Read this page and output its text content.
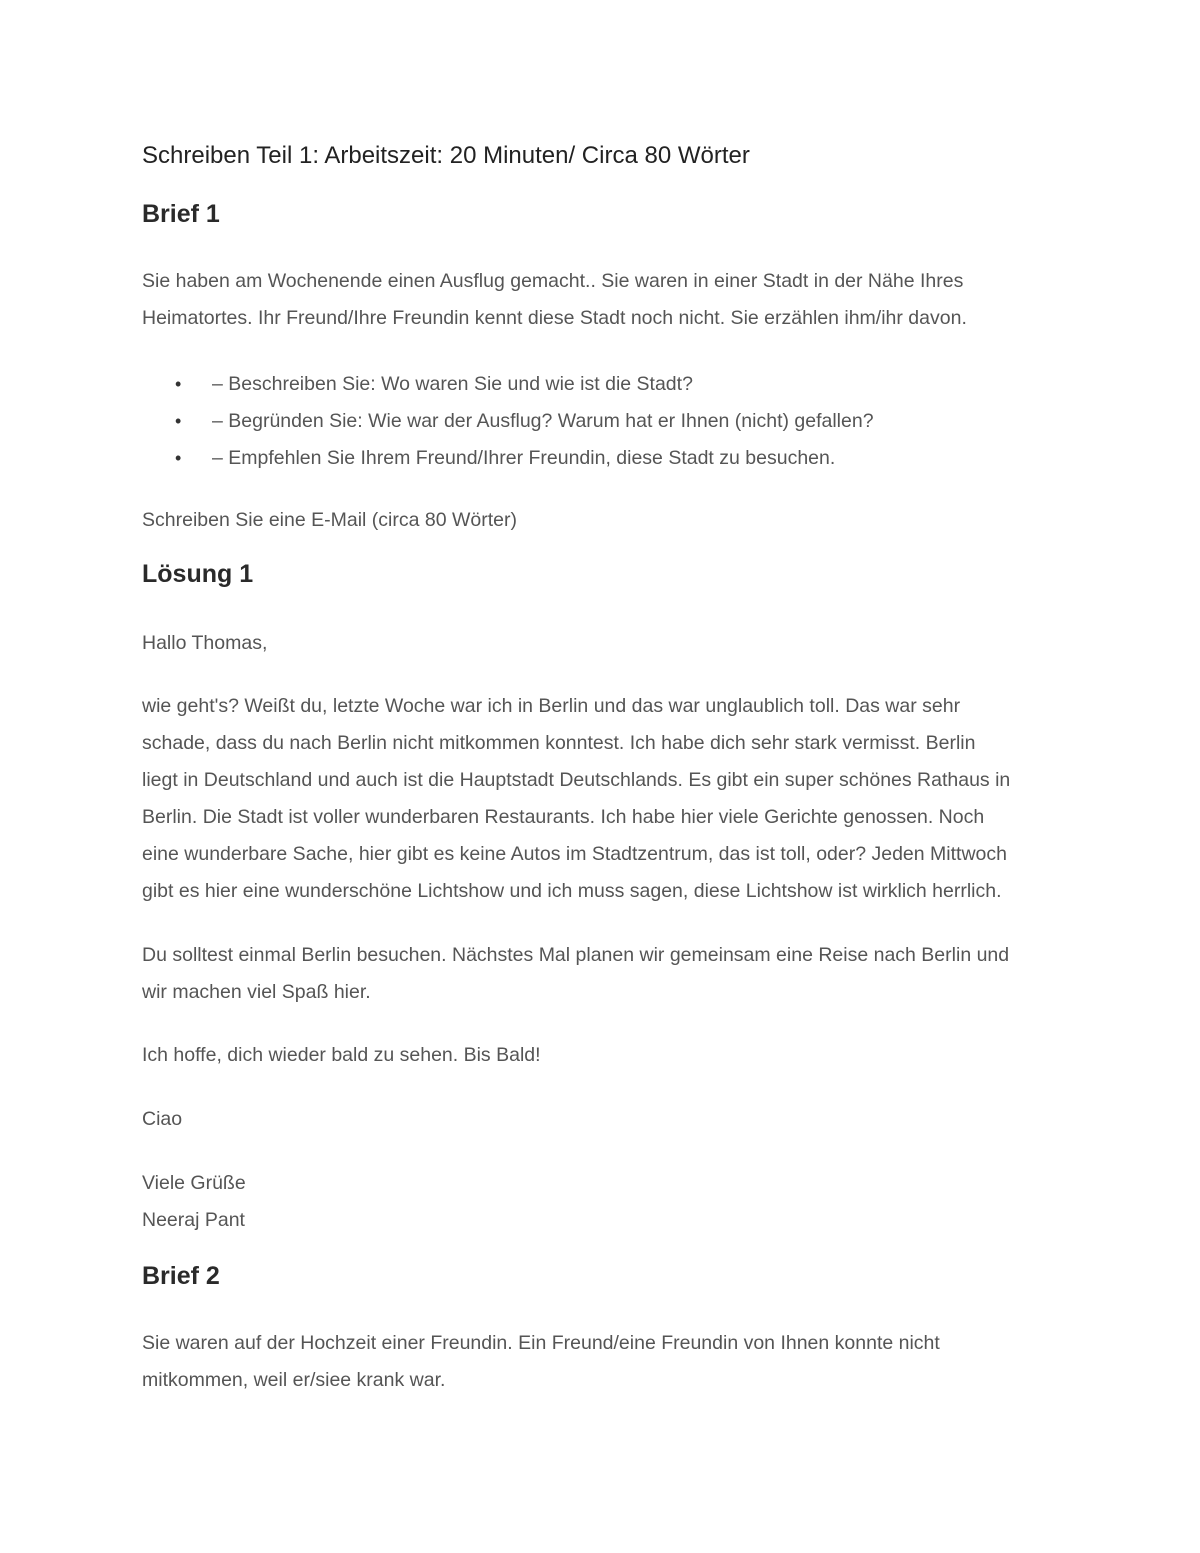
Schreiben Teil 1: Arbeitszeit: 20 Minuten/ Circa 80 Wörter
Brief 1

Sie haben am Wochenende einen Ausflug gemacht.. Sie waren in einer Stadt in der Nähe Ihres
Heimatortes. Ihr Freund/Ihre Freundin kennt diese Stadt noch nicht. Sie erzählen ihm/ihr davon.

• – Beschreiben Sie: Wo waren Sie und wie ist die Stadt?
• – Begründen Sie: Wie war der Ausflug? Warum hat er Ihnen (nicht) gefallen?
• – Empfehlen Sie Ihrem Freund/Ihrer Freundin, diese Stadt zu besuchen.

Schreiben Sie eine E-Mail (circa 80 Wörter)

Lösung 1

Hallo Thomas,

wie geht's? Weißt du, letzte Woche war ich in Berlin und das war unglaublich toll. Das war sehr
schade, dass du nach Berlin nicht mitkommen konntest. Ich habe dich sehr stark vermisst. Berlin
liegt in Deutschland und auch ist die Hauptstadt Deutschlands. Es gibt ein super schönes Rathaus in
Berlin. Die Stadt ist voller wunderbaren Restaurants. Ich habe hier viele Gerichte genossen. Noch
eine wunderbare Sache, hier gibt es keine Autos im Stadtzentrum, das ist toll, oder? Jeden Mittwoch
gibt es hier eine wunderschöne Lichtshow und ich muss sagen, diese Lichtshow ist wirklich herrlich.

Du solltest einmal Berlin besuchen. Nächstes Mal planen wir gemeinsam eine Reise nach Berlin und
wir machen viel Spaß hier.

Ich hoffe, dich wieder bald zu sehen. Bis Bald!

Ciao

Viele Grüße
Neeraj Pant

Brief 2

Sie waren auf der Hochzeit einer Freundin. Ein Freund/eine Freundin von Ihnen konnte nicht
mitkommen, weil er/siee krank war.
